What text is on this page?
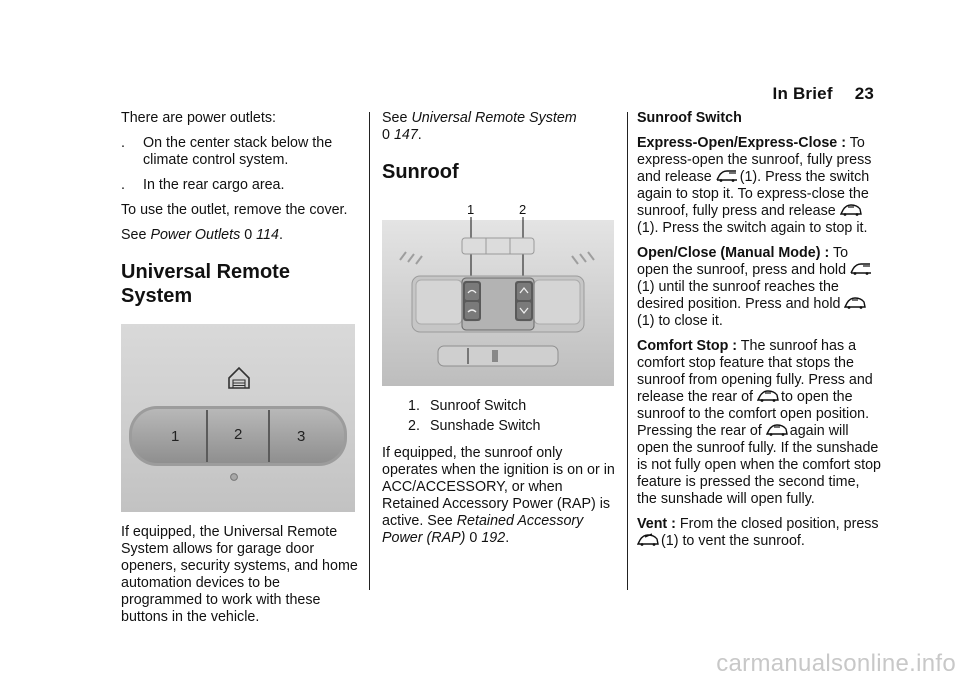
In Brief 23

There are power outlets:

.	On the center stack below the climate control system.
.	In the rear cargo area.

To use the outlet, remove the cover.

See Power Outlets 0 114.

Universal Remote System
1	2	3

If equipped, the Universal Remote System allows for garage door openers, security systems, and home automation devices to be programmed to work with these buttons in the vehicle.

See Universal Remote System
0 147.

Sunroof
1	2
1. Sunroof Switch
2. Sunshade Switch

If equipped, the sunroof only operates when the ignition is on or in ACC/ACCESSORY, or when Retained Accessory Power (RAP) is active. See Retained Accessory Power (RAP) 0 192.

Sunroof Switch

Express-Open/Express-Close : To express-open the sunroof, fully press and release (1). Press the switch again to stop it. To express-close the sunroof, fully press and release (1). Press the switch again to stop it.

Open/Close (Manual Mode) : To open the sunroof, press and hold (1) until the sunroof reaches the desired position. Press and hold (1) to close it.

Comfort Stop : The sunroof has a comfort stop feature that stops the sunroof from opening fully. Press and release the rear of to open the sunroof to the comfort open position. Pressing the rear of again will open the sunroof fully. If the sunshade is not fully open when the comfort stop feature is pressed the second time, the sunshade will open fully.

Vent : From the closed position, press (1) to vent the sunroof.

carmanualsonline.info
